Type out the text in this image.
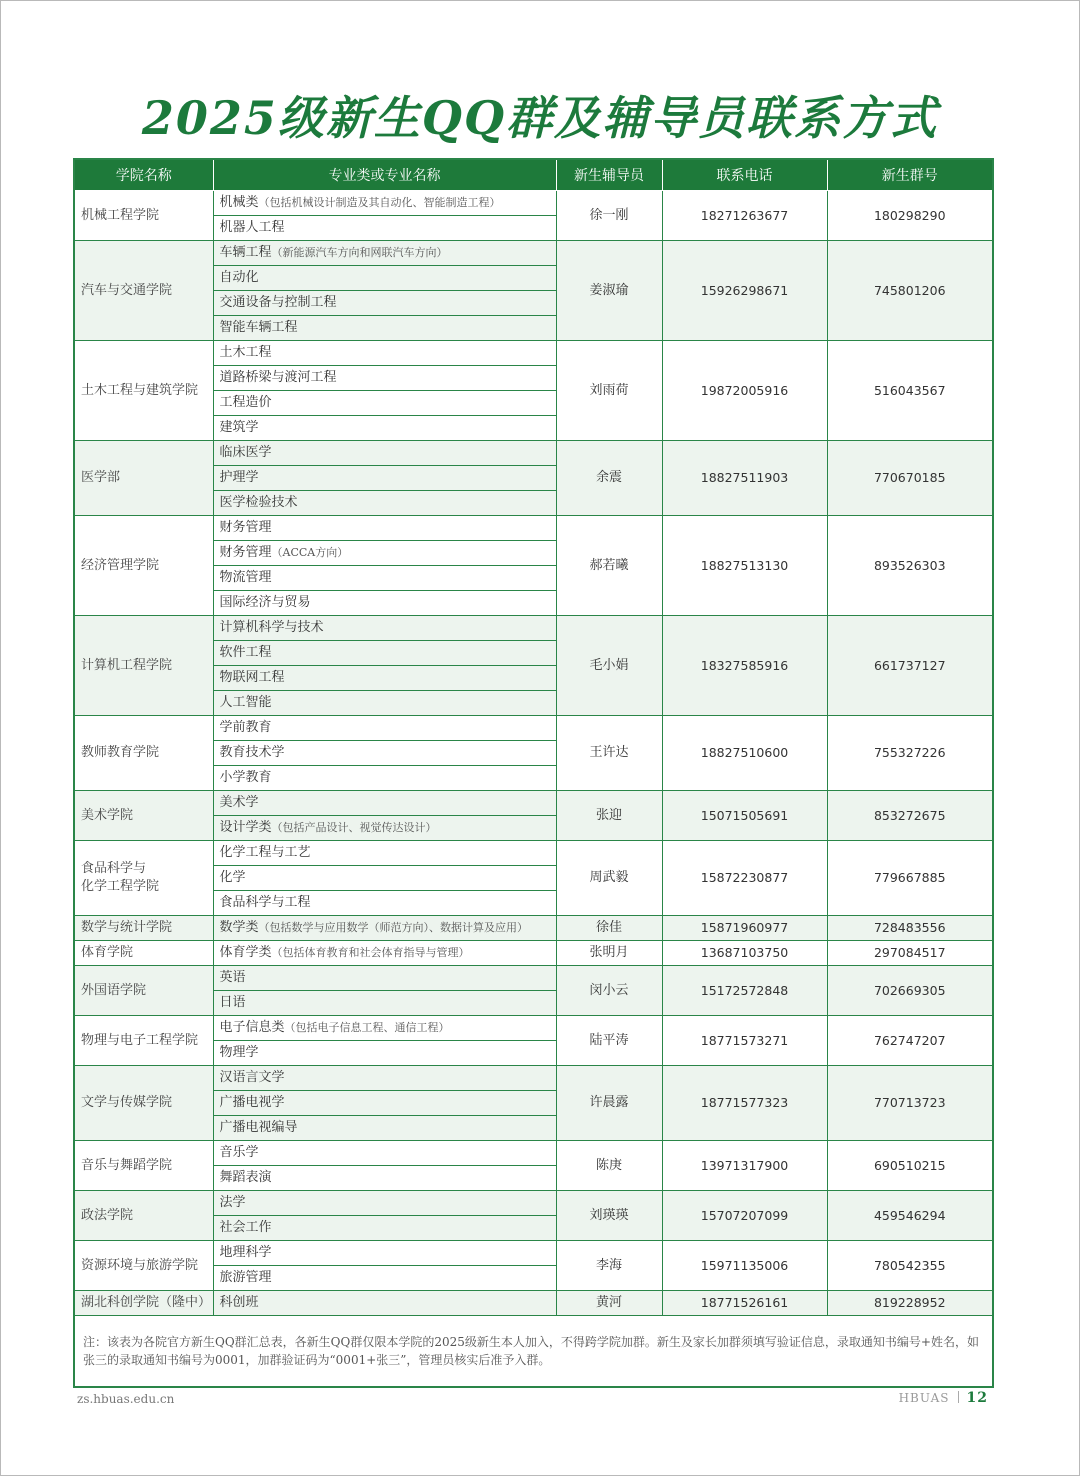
2025级新生QQ群及辅导员联系方式
学院名称	专业类或专业名称	新生辅导员	联系电话	新生群号
机械工程学院	机械类（包括机械设计制造及其自动化、智能制造工程）	徐一刚	18271263677	180298290
	机器人工程			
汽车与交通学院	车辆工程（新能源汽车方向和网联汽车方向）	姜淑瑜	15926298671	745801206
	自动化			
	交通设备与控制工程			
	智能车辆工程			
土木工程与建筑学院	土木工程	刘雨荷	19872005916	516043567
	道路桥梁与渡河工程			
	工程造价			
	建筑学			
医学部	临床医学	余震	18827511903	770670185
	护理学			
	医学检验技术			
经济管理学院	财务管理	郝若曦	18827513130	893526303
	财务管理（ACCA方向）			
	物流管理			
	国际经济与贸易			
计算机工程学院	计算机科学与技术	毛小娟	18327585916	661737127
	软件工程			
	物联网工程			
	人工智能			
教师教育学院	学前教育	王许达	18827510600	755327226
	教育技术学			
	小学教育			
美术学院	美术学	张迎	15071505691	853272675
	设计学类（包括产品设计、视觉传达设计）			
食品科学与
化学工程学院	化学工程与工艺	周武毅	15872230877	779667885
	化学			
	食品科学与工程			
数学与统计学院	数学类（包括数学与应用数学（师范方向）、数据计算及应用）	徐佳	15871960977	728483556
体育学院	体育学类（包括体育教育和社会体育指导与管理）	张明月	13687103750	297084517
外国语学院	英语	闵小云	15172572848	702669305
	日语			
物理与电子工程学院	电子信息类（包括电子信息工程、通信工程）	陆平涛	18771573271	762747207
	物理学			
文学与传媒学院	汉语言文学	许晨露	18771577323	770713723
	广播电视学			
	广播电视编导			
音乐与舞蹈学院	音乐学	陈庚	13971317900	690510215
	舞蹈表演			
政法学院	法学	刘瑛瑛	15707207099	459546294
	社会工作			
资源环境与旅游学院	地理科学	李海	15971135006	780542355
	旅游管理			
湖北科创学院（隆中）	科创班	黄河	18771526161	819228952
注：该表为各院官方新生QQ群汇总表，各新生QQ群仅限本学院的2025级新生本人加入，不得跨学院加群。新生及家长加群须填写验证信息，录取通知书编号+姓名，如张三的录取通知书编号为0001，加群验证码为“0001+张三”，管理员核实后准予入群。				
zs.hbuas.edu.cn	HBUAS 12
